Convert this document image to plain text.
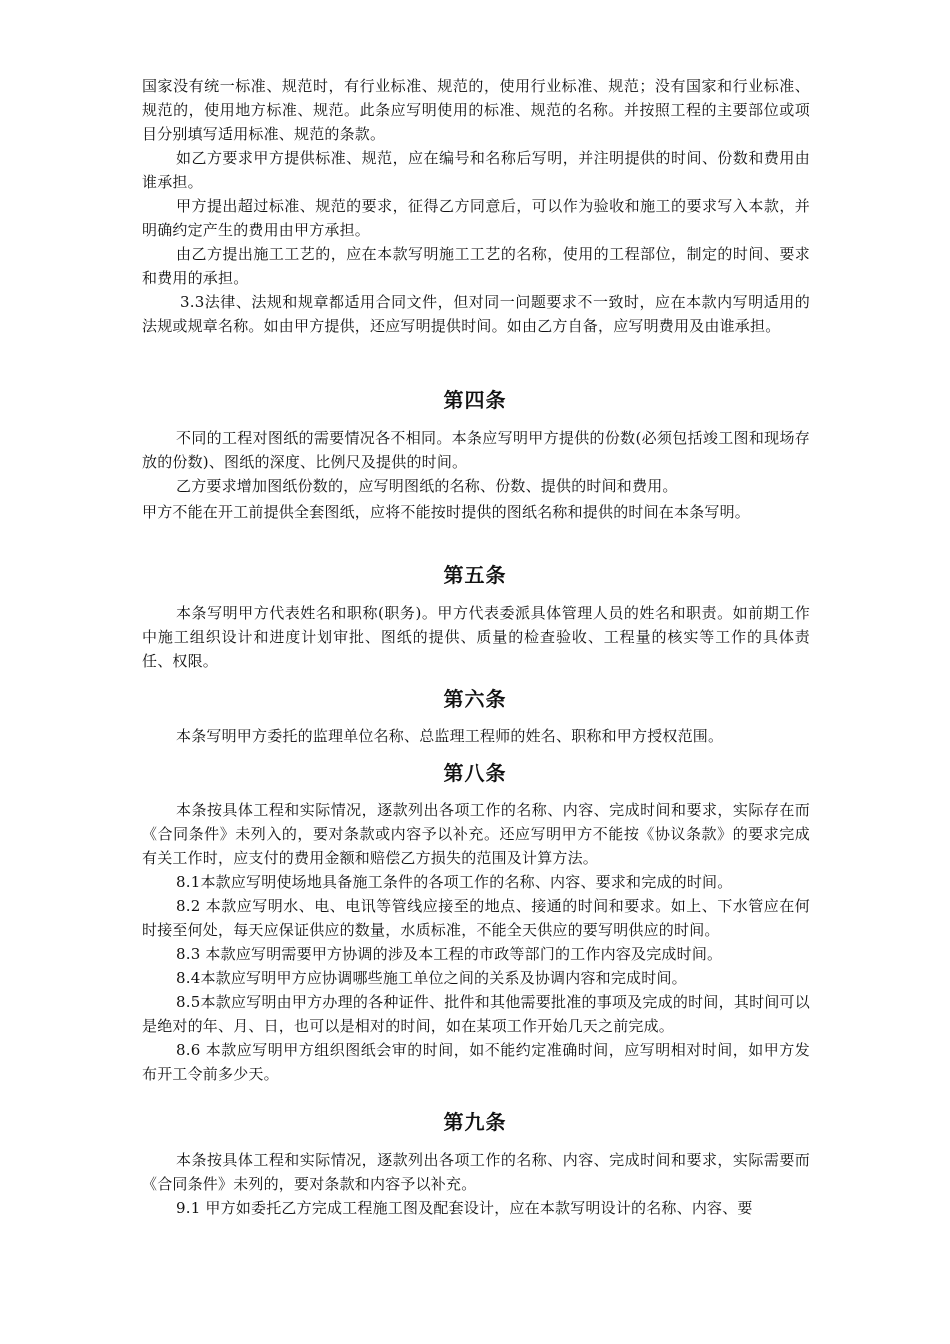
国家没有统一标准、规范时，有行业标准、规范的，使用行业标准、规范；没有国家和行业标准、规范的，使用地方标准、规范。此条应写明使用的标准、规范的名称。并按照工程的主要部位或项目分别填写适用标准、规范的条款。

如乙方要求甲方提供标准、规范，应在编号和名称后写明，并注明提供的时间、份数和费用由谁承担。

甲方提出超过标准、规范的要求，征得乙方同意后，可以作为验收和施工的要求写入本款，并明确约定产生的费用由甲方承担。

由乙方提出施工工艺的，应在本款写明施工工艺的名称，使用的工程部位，制定的时间、要求和费用的承担。

3.3法律、法规和规章都适用合同文件，但对同一问题要求不一致时，应在本款内写明适用的法规或规章名称。如由甲方提供，还应写明提供时间。如由乙方自备，应写明费用及由谁承担。

第四条

不同的工程对图纸的需要情况各不相同。本条应写明甲方提供的份数(必须包括竣工图和现场存放的份数)、图纸的深度、比例尺及提供的时间。

乙方要求增加图纸份数的，应写明图纸的名称、份数、提供的时间和费用。

甲方不能在开工前提供全套图纸，应将不能按时提供的图纸名称和提供的时间在本条写明。

第五条

本条写明甲方代表姓名和职称(职务)。甲方代表委派具体管理人员的姓名和职责。如前期工作中施工组织设计和进度计划审批、图纸的提供、质量的检查验收、工程量的核实等工作的具体责任、权限。

第六条

本条写明甲方委托的监理单位名称、总监理工程师的姓名、职称和甲方授权范围。

第八条

本条按具体工程和实际情况，逐款列出各项工作的名称、内容、完成时间和要求，实际存在而《合同条件》未列入的，要对条款或内容予以补充。还应写明甲方不能按《协议条款》的要求完成有关工作时，应支付的费用金额和赔偿乙方损失的范围及计算方法。

8.1本款应写明使场地具备施工条件的各项工作的名称、内容、要求和完成的时间。

8.2 本款应写明水、电、电讯等管线应接至的地点、接通的时间和要求。如上、下水管应在何时接至何处，每天应保证供应的数量，水质标准，不能全天供应的要写明供应的时间。

8.3 本款应写明需要甲方协调的涉及本工程的市政等部门的工作内容及完成时间。

8.4本款应写明甲方应协调哪些施工单位之间的关系及协调内容和完成时间。

8.5本款应写明由甲方办理的各种证件、批件和其他需要批准的事项及完成的时间，其时间可以是绝对的年、月、日，也可以是相对的时间，如在某项工作开始几天之前完成。

8.6 本款应写明甲方组织图纸会审的时间，如不能约定准确时间，应写明相对时间，如甲方发布开工令前多少天。

第九条

本条按具体工程和实际情况，逐款列出各项工作的名称、内容、完成时间和要求，实际需要而《合同条件》未列的，要对条款和内容予以补充。

9.1 甲方如委托乙方完成工程施工图及配套设计，应在本款写明设计的名称、内容、要
